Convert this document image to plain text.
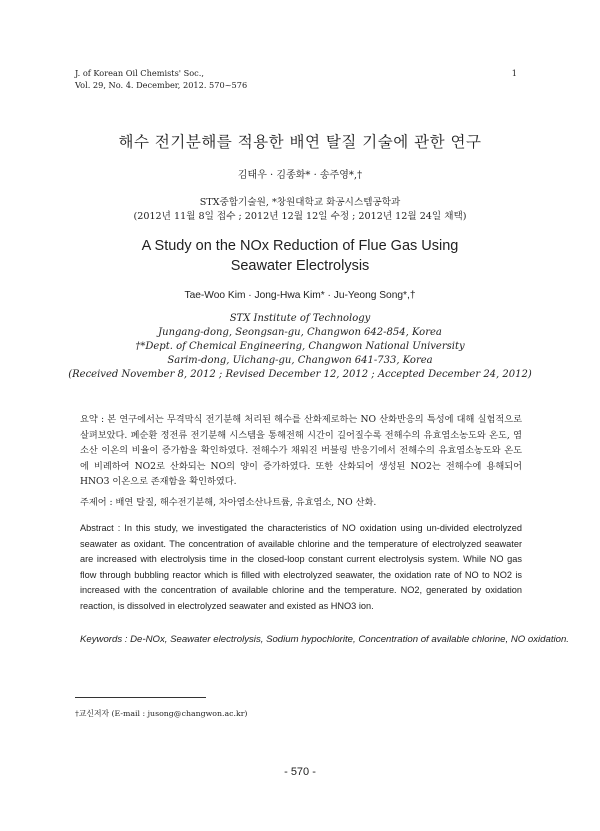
J. of Korean Oil Chemists' Soc.,
Vol. 29, No. 4. December, 2012. 570~576
1
해수 전기분해를 적용한 배연 탈질 기술에 관한 연구
김태우 · 김종화* · 송주영*,†
STX중합기술원, *창원대학교 화공시스템공학과
(2012년 11월 8일 접수 ; 2012년 12월 12일 수정 ; 2012년 12월 24일 채택)
A Study on the NOx Reduction of Flue Gas Using
Seawater Electrolysis
Tae-Woo Kim · Jong-Hwa Kim* · Ju-Yeong Song*,†
STX Institute of Technology
Jungang-dong, Seongsan-gu, Changwon 642-854, Korea
†*Dept. of Chemical Engineering, Changwon National University
Sarim-dong, Uichang-gu, Changwon 641-733, Korea
(Received November 8, 2012 ; Revised December 12, 2012 ; Accepted December 24, 2012)
요약 : 본 연구에서는 무격막식 전기분해 처리된 해수를 산화제로하는 NO 산화반응의 특성에 대해 실험적으로 살펴보았다. 폐순환 정전류 전기분해 시스템을 통해전해 시간이 길어질수록 전해수의 유효염소농도와 온도, 염소산 이온의 비율이 증가함을 확인하였다. 전해수가 채워진 버블링 반응기에서 전해수의 유효염소농도와 온도에 비례하여 NO2로 산화되는 NO의 양이 증가하였다. 또한 산화되어 생성된 NO2는 전해수에 용해되어 HNO3 이온으로 존재함을 확인하였다.
주제어 : 배연 탈질, 해수전기분해, 차아염소산나트륨, 유효염소, NO 산화.
Abstract : In this study, we investigated the characteristics of NO oxidation using un-divided electrolyzed seawater as oxidant. The concentration of available chlorine and the temperature of electrolyzed seawater are increased with electrolysis time in the closed-loop constant current electrolysis system. While NO gas flow through bubbling reactor which is filled with electrolyzed seawater, the oxidation rate of NO to NO2 is increased with the concentration of available chlorine and the temperature. NO2, generated by oxidation reaction, is dissolved in electrolyzed seawater and existed as HNO3 ion.
Keywords : De-NOx, Seawater electrolysis, Sodium hypochlorite, Concentration of available chlorine, NO oxidation.
†교신저자 (E-mail : jusong@changwon.ac.kr)
- 570 -
